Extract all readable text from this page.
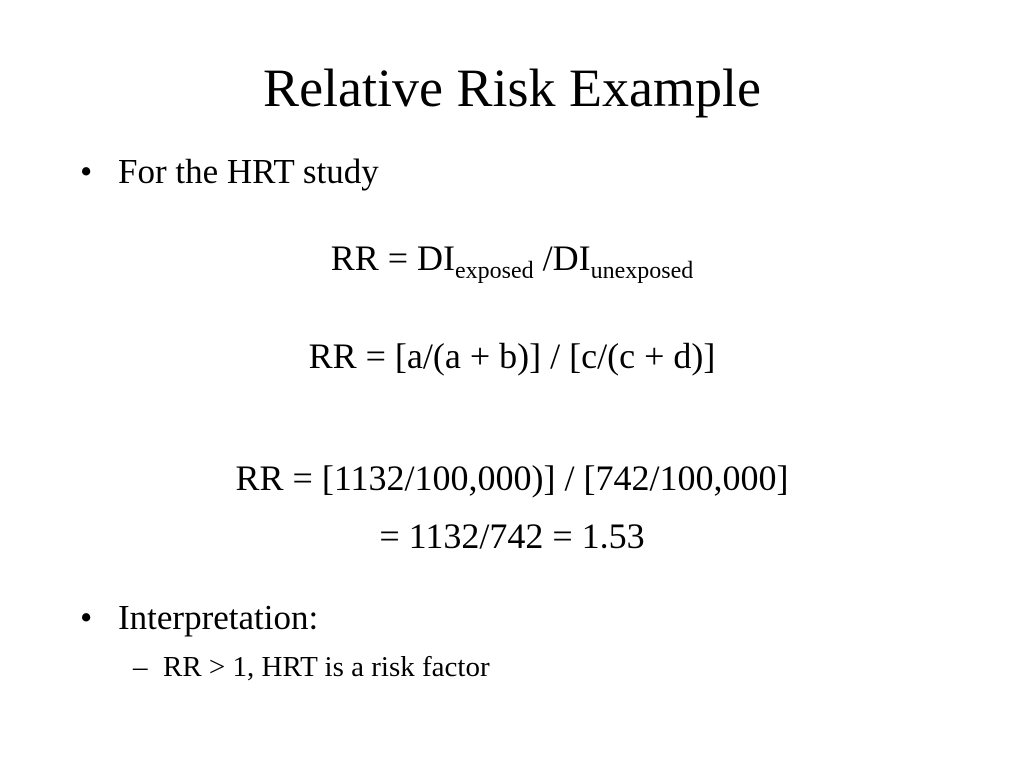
Relative Risk Example
• For the HRT study
RR = $DI_{exposed}$ $/DI_{unexposed}$
RR = [a/(a + b)] / [c/(c + d)]
RR = [1132/100,000)] / [742/100,000]
= 1132/742 = 1.53
• Interpretation:
– RR > 1, HRT is a risk factor
